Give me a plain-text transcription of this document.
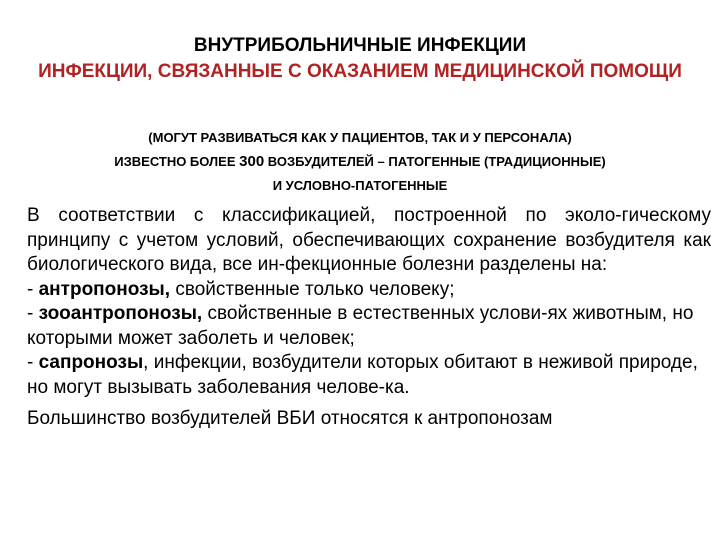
ВНУТРИБОЛЬНИЧНЫЕ ИНФЕКЦИИ
ИНФЕКЦИИ, СВЯЗАННЫЕ С ОКАЗАНИЕМ МЕДИЦИНСКОЙ ПОМОЩИ
(МОГУТ РАЗВИВАТЬСЯ КАК У ПАЦИЕНТОВ, ТАК И У ПЕРСОНАЛА)
ИЗВЕСТНО БОЛЕЕ 300 ВОЗБУДИТЕЛЕЙ – ПАТОГЕННЫЕ (ТРАДИЦИОННЫЕ)
И УСЛОВНО-ПАТОГЕННЫЕ

В соответствии с классификацией, построенной по эколо-гическому принципу с учетом условий, обеспечивающих сохранение возбудителя как биологического вида, все ин-фекционные болезни разделены на:

- антропонозы, свойственные только человеку;

- зооантропонозы, свойственные в естественных услови-ях животным, но которыми может заболеть и человек;

- сапронозы, инфекции, возбудители которых обитают в неживой природе, но могут вызывать заболевания челове-ка.

Большинство возбудителей ВБИ относятся к антропонозам
